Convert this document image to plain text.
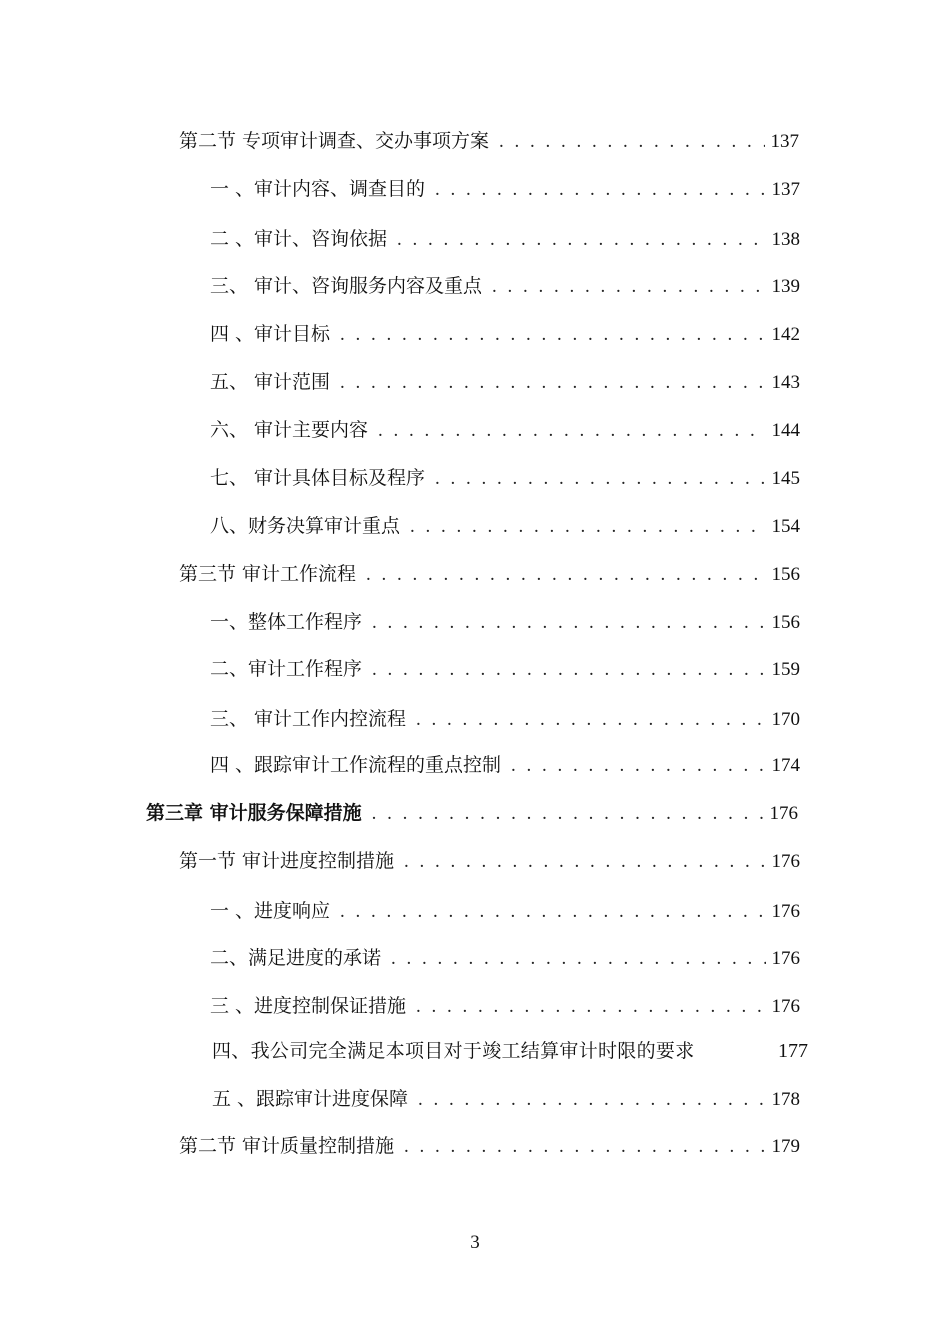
第二节 专项审计调查、交办事项方案 . . .	137
一 、审计内容、调查目的 . . .	137
二 、审计、咨询依据 . . .	138
三、 审计、咨询服务内容及重点 . . .	139
四 、审计目标 . . .	142
五、 审计范围 . . .	143
六、 审计主要内容 . . .	144
七、 审计具体目标及程序 . . .	145
八、财务决算审计重点 . . .	154
第三节 审计工作流程 . . .	156
一、整体工作程序 . . .	156
二、审计工作程序 . . .	159
三、 审计工作内控流程 . . .	170
四 、跟踪审计工作流程的重点控制 . . .	174
第三章 审计服务保障措施 . . .	176
第一节 审计进度控制措施 . . .	176
一 、进度响应 . . .	176
二、满足进度的承诺 . . .	176
三 、进度控制保证措施 . . .	176
四、我公司完全满足本项目对于竣工结算审计时限的要求	177
五 、跟踪审计进度保障 . . .	178
第二节 审计质量控制措施 . . .	179
3
